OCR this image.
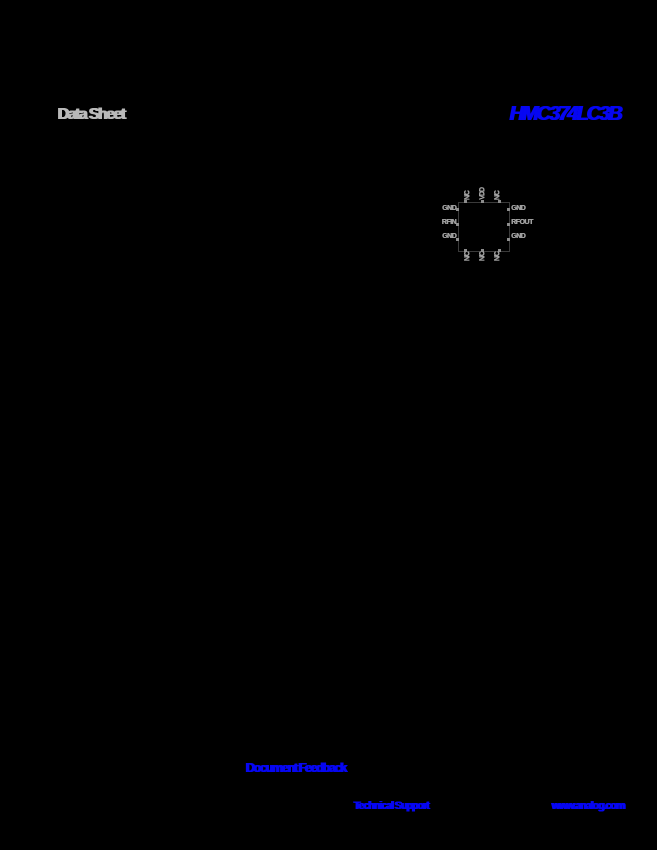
Data Sheet	HMC374LC3B
GND
RFIN
GND
GND
RFOUT
GND
N/C VDD N/C
N/C N/C N/C
Document Feedback
Technical Support	www.analog.com
